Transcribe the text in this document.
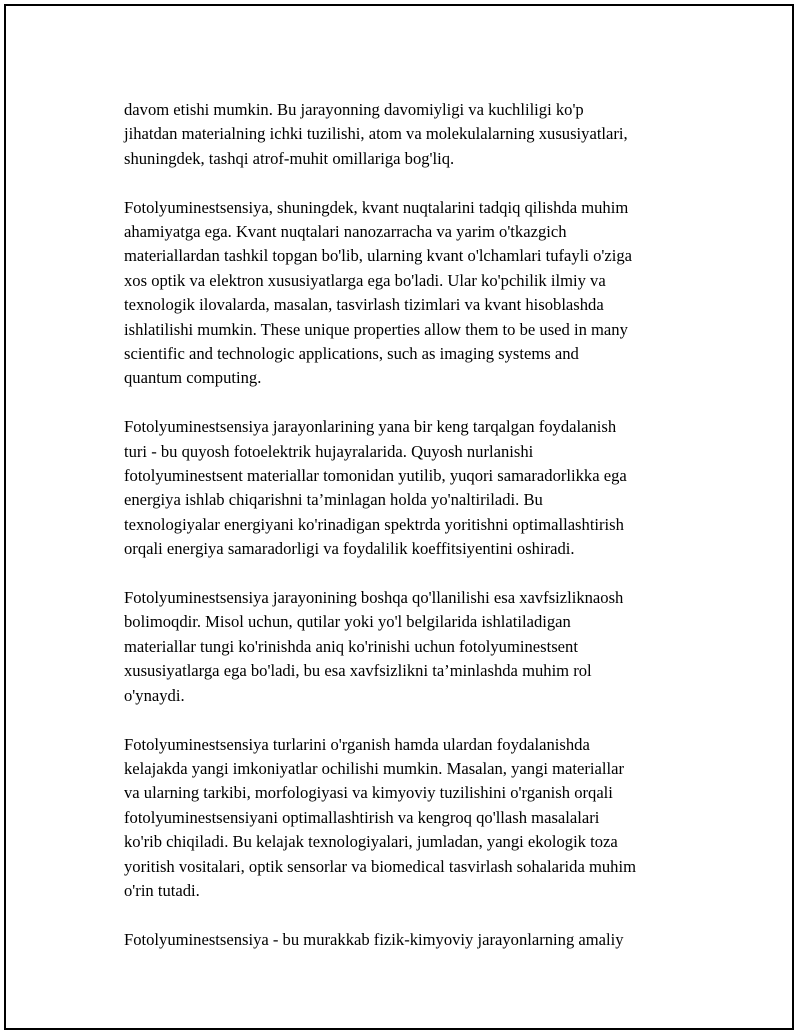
davom etishi mumkin. Bu jarayonning davomiyligi va kuchliligi ko'p
jihatdan materialning ichki tuzilishi, atom va molekulalarning xususiyatlari,
shuningdek, tashqi atrof-muhit omillariga bog'liq.

Fotolyuminestsensiya, shuningdek, kvant nuqtalarini tadqiq qilishda muhim
ahamiyatga ega. Kvant nuqtalari nanozarracha va yarim o'tkazgich
materiallardan tashkil topgan bo'lib, ularning kvant o'lchamlari tufayli o'ziga
xos optik va elektron xususiyatlarga ega bo'ladi. Ular ko'pchilik ilmiy va
texnologik ilovalarda, masalan, tasvirlash tizimlari va kvant hisoblashda
ishlatilishi mumkin. These unique properties allow them to be used in many
scientific and technologic applications, such as imaging systems and
quantum computing.

Fotolyuminestsensiya jarayonlarining yana bir keng tarqalgan foydalanish
turi - bu quyosh fotoelektrik hujayralarida. Quyosh nurlanishi
fotolyuminestsent materiallar tomonidan yutilib, yuqori samaradorlikka ega
energiya ishlab chiqarishni ta’minlagan holda yo'naltiriladi. Bu
texnologiyalar energiyani ko'rinadigan spektrda yoritishni optimallashtirish
orqali energiya samaradorligi va foydalilik koeffitsiyentini oshiradi.

Fotolyuminestsensiya jarayonining boshqa qo'llanilishi esa xavfsizliknaosh
bolimoqdir. Misol uchun, qutilar yoki yo'l belgilarida ishlatiladigan
materiallar tungi ko'rinishda aniq ko'rinishi uchun fotolyuminestsent
xususiyatlarga ega bo'ladi, bu esa xavfsizlikni ta’minlashda muhim rol
o'ynaydi.

Fotolyuminestsensiya turlarini o'rganish hamda ulardan foydalanishda
kelajakda yangi imkoniyatlar ochilishi mumkin. Masalan, yangi materiallar
va ularning tarkibi, morfologiyasi va kimyoviy tuzilishini o'rganish orqali
fotolyuminestsensiyani optimallashtirish va kengroq qo'llash masalalari
ko'rib chiqiladi. Bu kelajak texnologiyalari, jumladan, yangi ekologik toza
yoritish vositalari, optik sensorlar va biomedical tasvirlash sohalarida muhim
o'rin tutadi.

Fotolyuminestsensiya - bu murakkab fizik-kimyoviy jarayonlarning amaliy
